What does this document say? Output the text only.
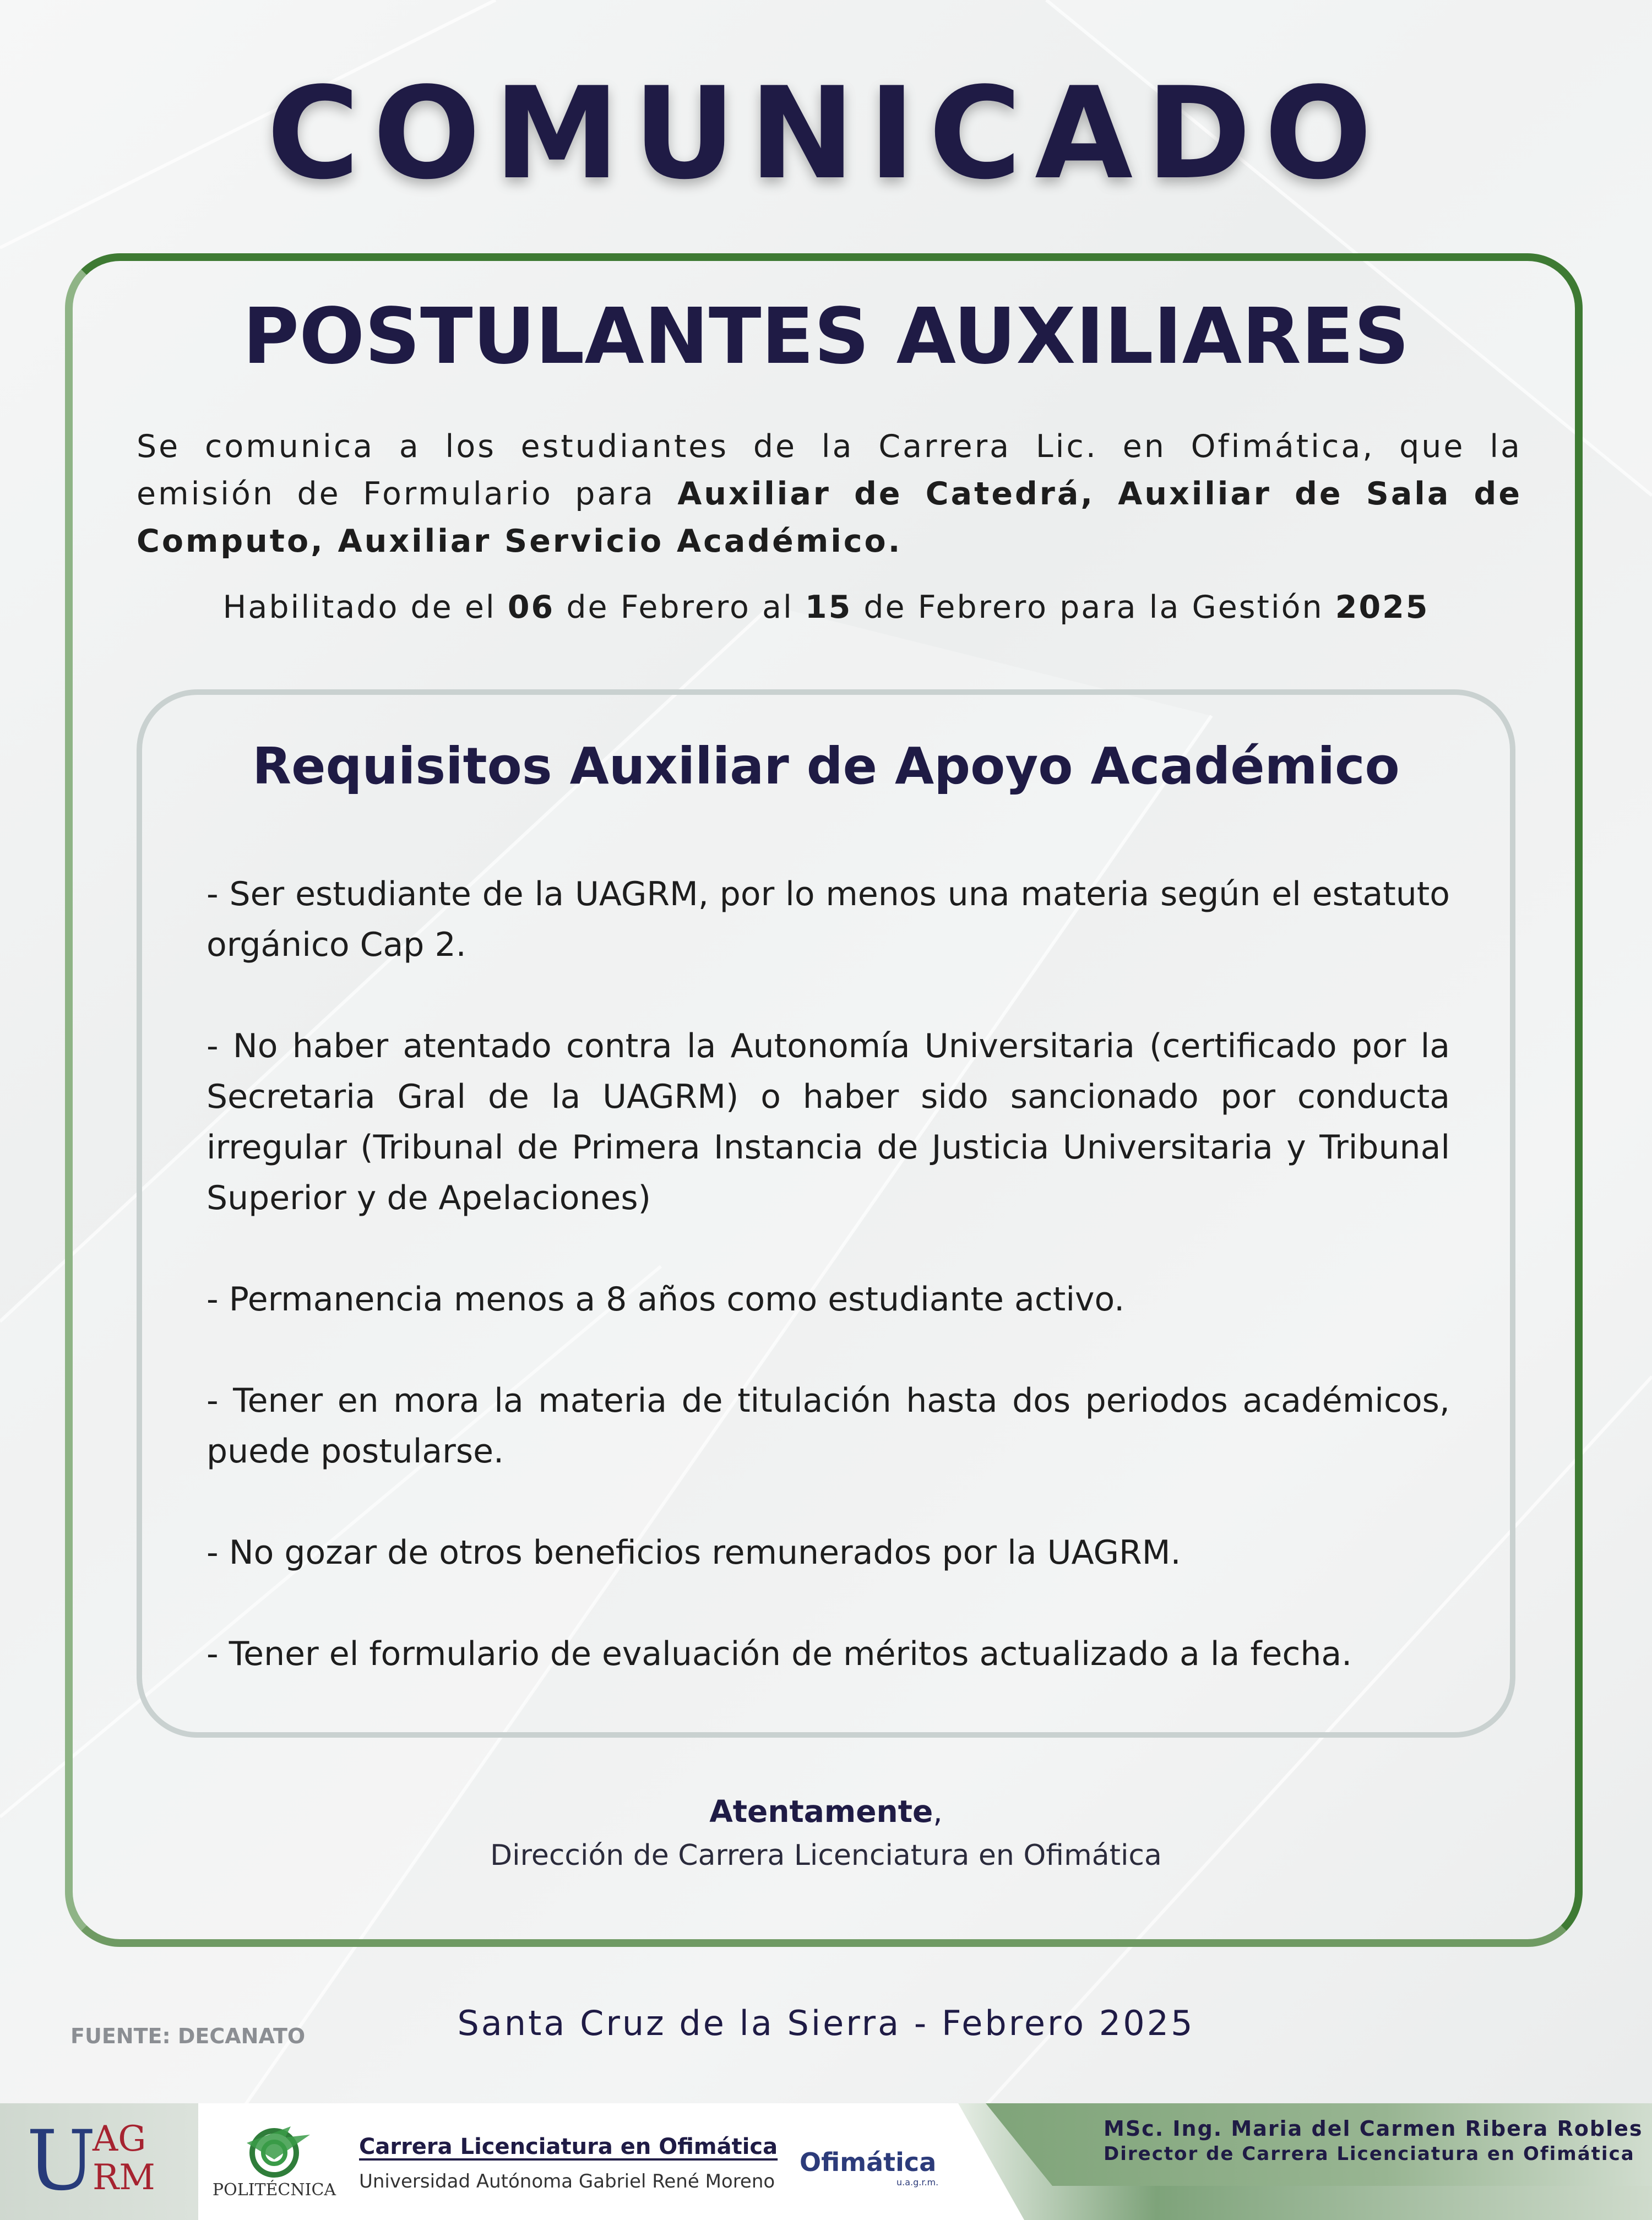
COMUNICADO
POSTULANTES AUXILIARES

Se comunica a los estudiantes de la Carrera Lic. en Ofimática, que la emisión de Formulario para Auxiliar de Catedrá, Auxiliar de Sala de Computo, Auxiliar Servicio Académico.

Habilitado de el 06 de Febrero al 15 de Febrero para la Gestión 2025

Requisitos Auxiliar de Apoyo Académico
- Ser estudiante de la UAGRM, por lo menos una materia según el estatuto orgánico Cap 2.
- No haber atentado contra la Autonomía Universitaria (certificado por la Secretaria Gral de la UAGRM) o haber sido sancionado por conducta irregular (Tribunal de Primera Instancia de Justicia Universitaria y Tribunal Superior y de Apelaciones)
- Permanencia menos a 8 años como estudiante activo.
- Tener en mora la materia de titulación hasta dos periodos académicos, puede postularse.
- No gozar de otros beneficios remunerados por la UAGRM.
- Tener el formulario de evaluación de méritos actualizado a la fecha.
Atentamente,
Dirección de Carrera Licenciatura en Ofimática
FUENTE: DECANATO	Santa Cruz de la Sierra - Febrero 2025
U
AG
RM	POLITÉCNICA
Carrera Licenciatura en Ofimática
Universidad Autónoma Gabriel René Moreno
Ofimática
u.a.g.r.m.
MSc. Ing. Maria del Carmen Ribera Robles
Director de Carrera Licenciatura en Ofimática
